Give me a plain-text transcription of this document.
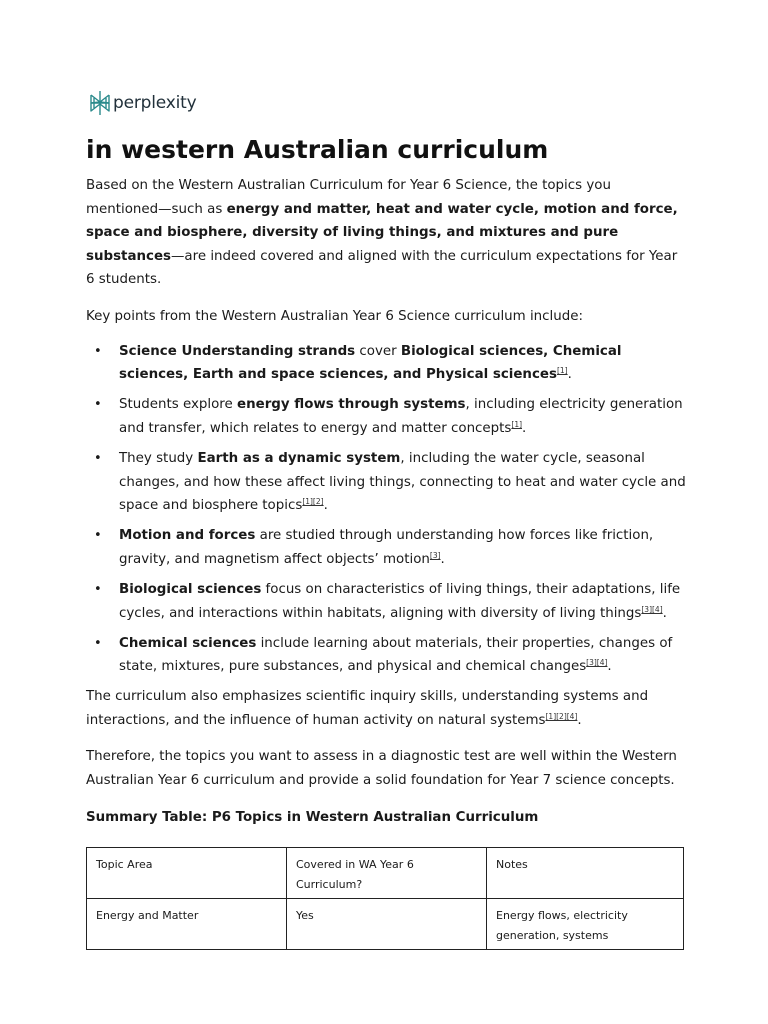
perplexity
in western Australian curriculum

Based on the Western Australian Curriculum for Year 6 Science, the topics you mentioned—such as energy and matter, heat and water cycle, motion and force, space and biosphere, diversity of living things, and mixtures and pure substances—are indeed covered and aligned with the curriculum expectations for Year 6 students.

Key points from the Western Australian Year 6 Science curriculum include:

• Science Understanding strands cover Biological sciences, Chemical sciences, Earth and space sciences, and Physical sciences[1].
• Students explore energy flows through systems, including electricity generation and transfer, which relates to energy and matter concepts[1].
• They study Earth as a dynamic system, including the water cycle, seasonal changes, and how these affect living things, connecting to heat and water cycle and space and biosphere topics[1][2].
• Motion and forces are studied through understanding how forces like friction, gravity, and magnetism affect objects’ motion[3].
• Biological sciences focus on characteristics of living things, their adaptations, life cycles, and interactions within habitats, aligning with diversity of living things[3][4].
• Chemical sciences include learning about materials, their properties, changes of state, mixtures, pure substances, and physical and chemical changes[3][4].

The curriculum also emphasizes scientific inquiry skills, understanding systems and interactions, and the influence of human activity on natural systems[1][2][4].

Therefore, the topics you want to assess in a diagnostic test are well within the Western Australian Year 6 curriculum and provide a solid foundation for Year 7 science concepts.

Summary Table: P6 Topics in Western Australian Curriculum
Topic Area	Covered in WA Year 6 Curriculum?	Notes
Energy and Matter	Yes	Energy flows, electricity generation, systems
